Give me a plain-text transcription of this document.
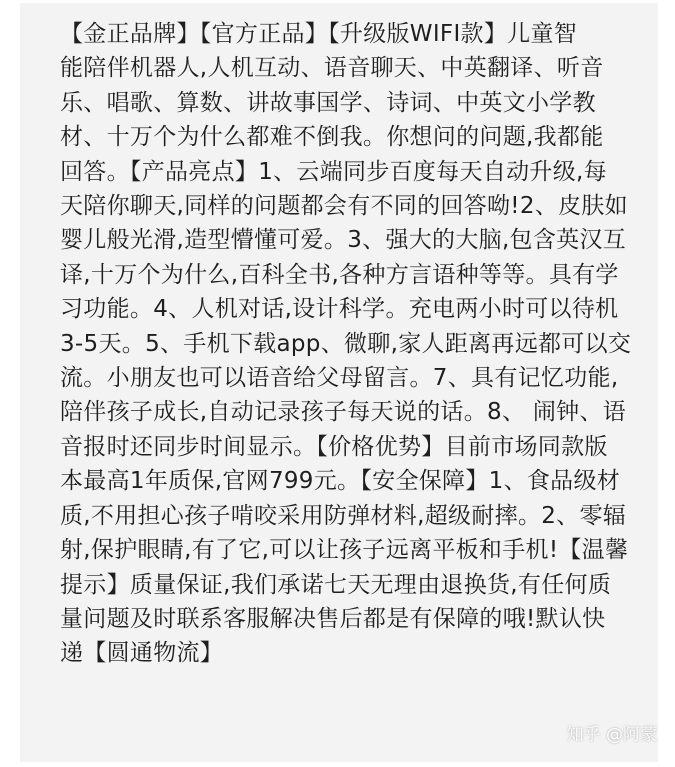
【金正品牌】【官方正品】【升级版WIFI款】儿童智
能陪伴机器人,人机互动、语音聊天、中英翻译、听音
乐、唱歌、算数、讲故事国学、诗词、中英文小学教
材、十万个为什么都难不倒我。你想问的问题,我都能
回答。【产品亮点】1、云端同步百度每天自动升级,每
天陪你聊天,同样的问题都会有不同的回答呦!2、皮肤如
婴儿般光滑,造型懵懂可爱。3、强大的大脑,包含英汉互
译,十万个为什么,百科全书,各种方言语种等等。具有学
习功能。4、人机对话,设计科学。充电两小时可以待机
3-5天。5、手机下载app、微聊,家人距离再远都可以交
流。小朋友也可以语音给父母留言。7、具有记忆功能,
陪伴孩子成长,自动记录孩子每天说的话。8、 闹钟、语
音报时还同步时间显示。【价格优势】目前市场同款版
本最高1年质保,官网799元。【安全保障】1、食品级材
质,不用担心孩子啃咬采用防弹材料,超级耐摔。2、零辐
射,保护眼睛,有了它,可以让孩子远离平板和手机!【温馨
提示】质量保证,我们承诺七天无理由退换货,有任何质
量问题及时联系客服解决售后都是有保障的哦!默认快
递【圆通物流】

知乎 @阿蒙
